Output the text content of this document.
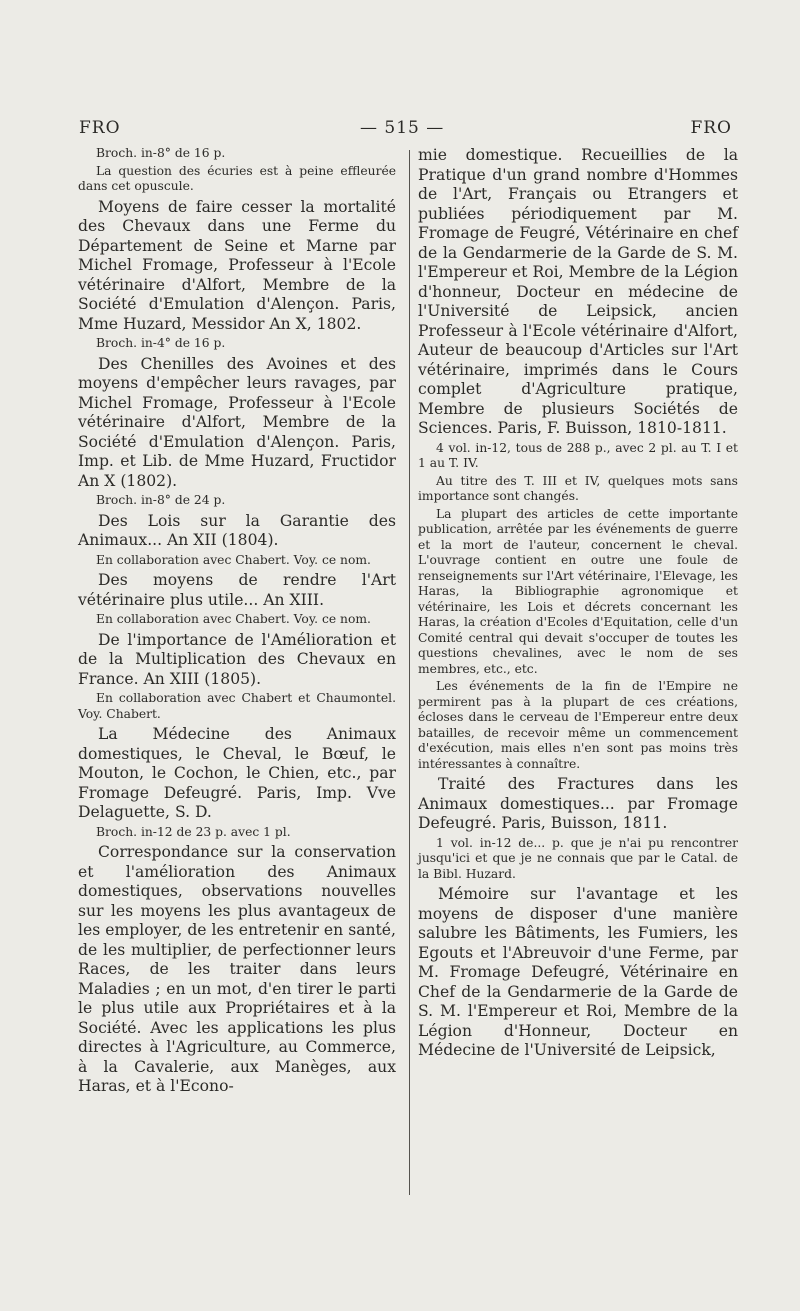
FRO	— 515 —	FRO

Broch. in-8° de 16 p.

La question des écuries est à peine effleurée dans cet opuscule.

Moyens de faire cesser la mortalité des Chevaux dans une Ferme du Département de Seine et Marne par Michel Fromage, Professeur à l'Ecole vétérinaire d'Alfort, Membre de la Société d'Emulation d'Alençon. Paris, Mme Huzard, Messidor An X, 1802.

Broch. in-4° de 16 p.

Des Chenilles des Avoines et des moyens d'empêcher leurs ravages, par Michel Fromage, Professeur à l'Ecole vétérinaire d'Alfort, Membre de la Société d'Emulation d'Alençon. Paris, Imp. et Lib. de Mme Huzard, Fructidor An X (1802).

Broch. in-8° de 24 p.

Des Lois sur la Garantie des Animaux... An XII (1804).

En collaboration avec Chabert. Voy. ce nom.

Des moyens de rendre l'Art vétérinaire plus utile... An XIII.

En collaboration avec Chabert. Voy. ce nom.

De l'importance de l'Amélioration et de la Multiplication des Chevaux en France. An XIII (1805).

En collaboration avec Chabert et Chaumontel. Voy. Chabert.

La Médecine des Animaux domestiques, le Cheval, le Bœuf, le Mouton, le Cochon, le Chien, etc., par Fromage Defeugré. Paris, Imp. Vve Delaguette, S. D.

Broch. in-12 de 23 p. avec 1 pl.

Correspondance sur la conservation et l'amélioration des Animaux domestiques, observations nouvelles sur les moyens les plus avantageux de les employer, de les entretenir en santé, de les multiplier, de perfectionner leurs Races, de les traiter dans leurs Maladies ; en un mot, d'en tirer le parti le plus utile aux Propriétaires et à la Société. Avec les applications les plus directes à l'Agriculture, au Commerce, à la Cavalerie, aux Manèges, aux Haras, et à l'Econo-

mie domestique. Recueillies de la Pratique d'un grand nombre d'Hommes de l'Art, Français ou Etrangers et publiées périodiquement par M. Fromage de Feugré, Vétérinaire en chef de la Gendarmerie de la Garde de S. M. l'Empereur et Roi, Membre de la Légion d'honneur, Docteur en médecine de l'Université de Leipsick, ancien Professeur à l'Ecole vétérinaire d'Alfort, Auteur de beaucoup d'Articles sur l'Art vétérinaire, imprimés dans le Cours complet d'Agriculture pratique, Membre de plusieurs Sociétés de Sciences. Paris, F. Buisson, 1810-1811.

4 vol. in-12, tous de 288 p., avec 2 pl. au T. I et 1 au T. IV.

Au titre des T. III et IV, quelques mots sans importance sont changés.

La plupart des articles de cette importante publication, arrêtée par les événements de guerre et la mort de l'auteur, concernent le cheval. L'ouvrage contient en outre une foule de renseignements sur l'Art vétérinaire, l'Elevage, les Haras, la Bibliographie agronomique et vétérinaire, les Lois et décrets concernant les Haras, la création d'Ecoles d'Equitation, celle d'un Comité central qui devait s'occuper de toutes les questions chevalines, avec le nom de ses membres, etc., etc.

Les événements de la fin de l'Empire ne permirent pas à la plupart de ces créations, écloses dans le cerveau de l'Empereur entre deux batailles, de recevoir même un commencement d'exécution, mais elles n'en sont pas moins très intéressantes à connaître.

Traité des Fractures dans les Animaux domestiques... par Fromage Defeugré. Paris, Buisson, 1811.

1 vol. in-12 de... p. que je n'ai pu rencontrer jusqu'ici et que je ne connais que par le Catal. de la Bibl. Huzard.

Mémoire sur l'avantage et les moyens de disposer d'une manière salubre les Bâtiments, les Fumiers, les Egouts et l'Abreuvoir d'une Ferme, par M. Fromage Defeugré, Vétérinaire en Chef de la Gendarmerie de la Garde de S. M. l'Empereur et Roi, Membre de la Légion d'Honneur, Docteur en Médecine de l'Université de Leipsick,
